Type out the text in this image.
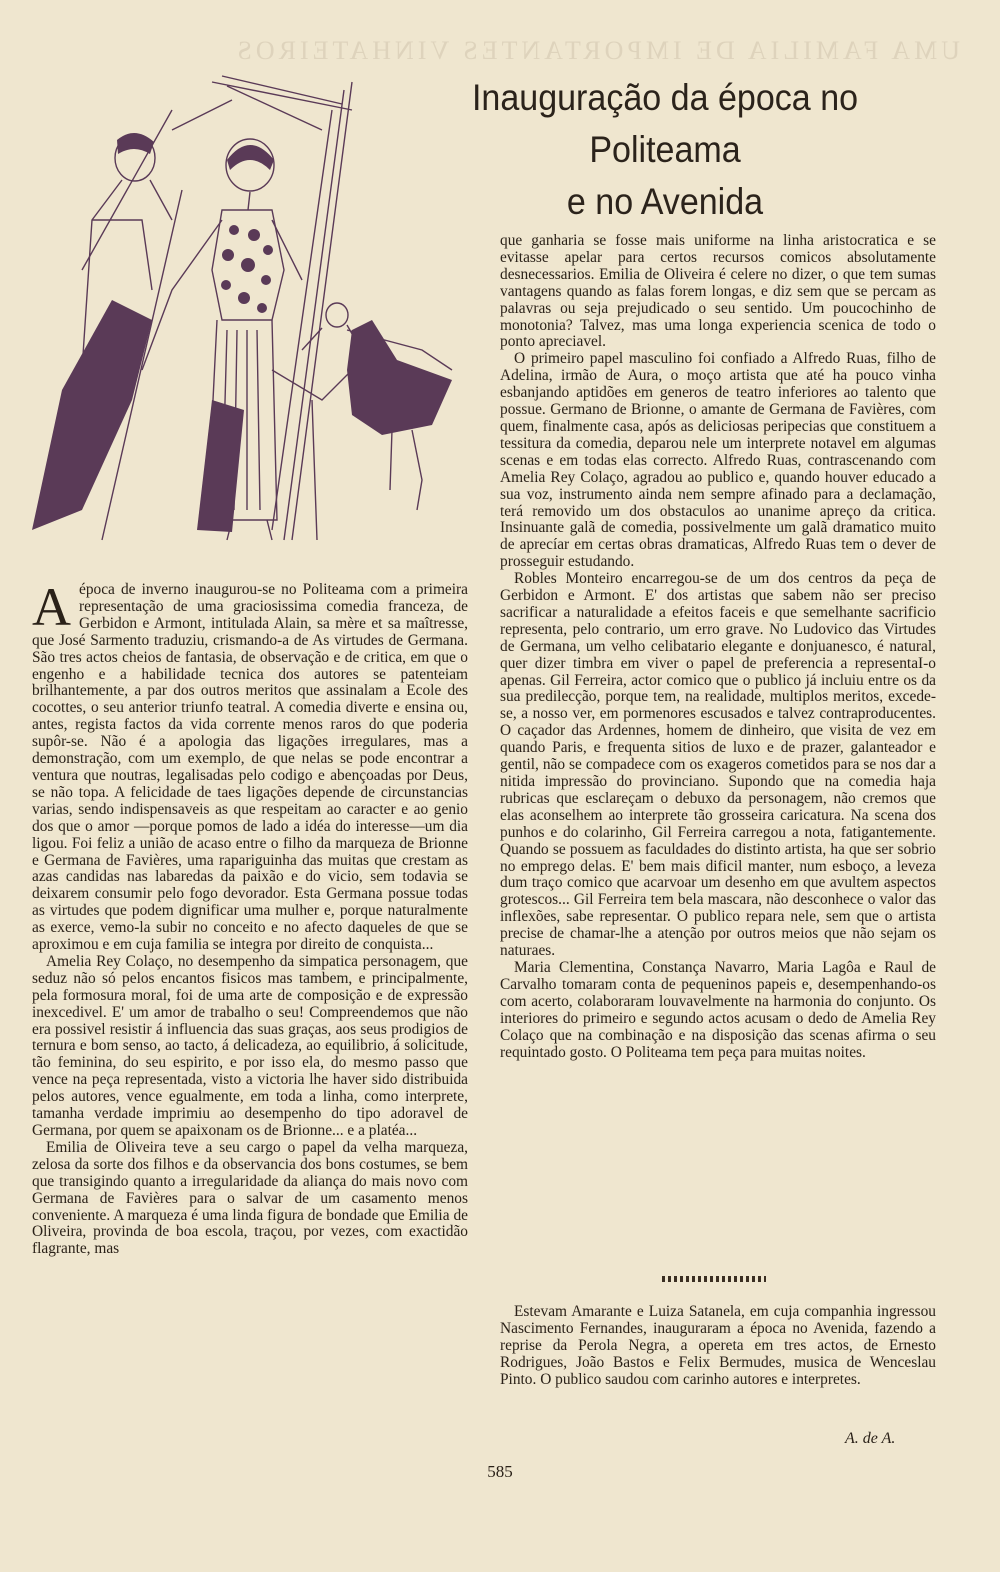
UMA FAMILIA DE IMPORTANTES VINHATEIROS
Inauguração da época no Politeama
e no Avenida

A época de inverno inaugurou-se no Politeama com a primeira representação de uma graciosissima comedia franceza, de Gerbidon e Armont, intitulada Alain, sa mère et sa maîtresse, que José Sarmento traduziu, crismando-a de As virtudes de Germana. São tres actos cheios de fantasia, de observação e de critica, em que o engenho e a habilidade tecnica dos autores se patenteiam brilhantemente, a par dos outros meritos que assinalam a Ecole des cocottes, o seu anterior triunfo teatral. A comedia diverte e ensina ou, antes, regista factos da vida corrente menos raros do que poderia supôr-se. Não é a apologia das ligações irregulares, mas a demonstração, com um exemplo, de que nelas se pode encontrar a ventura que noutras, legalisadas pelo codigo e abençoadas por Deus, se não topa. A felicidade de taes ligações depende de circunstancias varias, sendo indispensaveis as que respeitam ao caracter e ao genio dos que o amor —porque pomos de lado a idéa do interesse—um dia ligou. Foi feliz a união de acaso entre o filho da marqueza de Brionne e Germana de Favières, uma rapariguinha das muitas que crestam as azas candidas nas labaredas da paixão e do vicio, sem todavia se deixarem consumir pelo fogo devorador. Esta Germana possue todas as virtudes que podem dignificar uma mulher e, porque naturalmente as exerce, vemo-la subir no conceito e no afecto daqueles de que se aproximou e em cuja familia se integra por direito de conquista...

Amelia Rey Colaço, no desempenho da simpatica personagem, que seduz não só pelos encantos fisicos mas tambem, e principalmente, pela formosura moral, foi de uma arte de composição e de expressão inexcedivel. E' um amor de trabalho o seu! Compreendemos que não era possivel resistir á influencia das suas graças, aos seus prodigios de ternura e bom senso, ao tacto, á delicadeza, ao equilibrio, á solicitude, tão feminina, do seu espirito, e por isso ela, do mesmo passo que vence na peça representada, visto a victoria lhe haver sido distribuida pelos autores, vence egualmente, em toda a linha, como interprete, tamanha verdade imprimiu ao desempenho do tipo adoravel de Germana, por quem se apaixonam os de Brionne... e a platéa...

Emilia de Oliveira teve a seu cargo o papel da velha marqueza, zelosa da sorte dos filhos e da observancia dos bons costumes, se bem que transigindo quanto a irregularidade da aliança do mais novo com Germana de Favières para o salvar de um casamento menos conveniente. A marqueza é uma linda figura de bondade que Emilia de Oliveira, provinda de boa escola, traçou, por vezes, com exactidão flagrante, mas

que ganharia se fosse mais uniforme na linha aristocratica e se evitasse apelar para certos recursos comicos absolutamente desnecessarios. Emilia de Oliveira é celere no dizer, o que tem sumas vantagens quando as falas forem longas, e diz sem que se percam as palavras ou seja prejudicado o seu sentido. Um poucochinho de monotonia? Talvez, mas uma longa experiencia scenica de todo o ponto apreciavel.

O primeiro papel masculino foi confiado a Alfredo Ruas, filho de Adelina, irmão de Aura, o moço artista que até ha pouco vinha esbanjando aptidões em generos de teatro inferiores ao talento que possue. Germano de Brionne, o amante de Germana de Favières, com quem, finalmente casa, após as deliciosas peripecias que constituem a tessitura da comedia, deparou nele um interprete notavel em algumas scenas e em todas elas correcto. Alfredo Ruas, contrascenando com Amelia Rey Colaço, agradou ao publico e, quando houver educado a sua voz, instrumento ainda nem sempre afinado para a declamação, terá removido um dos obstaculos ao unanime apreço da critica. Insinuante galã de comedia, possivelmente um galã dramatico muito de aprecíar em certas obras dramaticas, Alfredo Ruas tem o dever de prosseguir estudando.

Robles Monteiro encarregou-se de um dos centros da peça de Gerbidon e Armont. E' dos artistas que sabem não ser preciso sacrificar a naturalidade a efeitos faceis e que semelhante sacrificio representa, pelo contrario, um erro grave. No Ludovico das Virtudes de Germana, um velho celibatario elegante e donjuanesco, é natural, quer dizer timbra em viver o papel de preferencia a representaI-o apenas. Gil Ferreira, actor comico que o publico já incluiu entre os da sua predilecção, porque tem, na realidade, multiplos meritos, excede-se, a nosso ver, em pormenores escusados e talvez contraproducentes. O caçador das Ardennes, homem de dinheiro, que visita de vez em quando Paris, e frequenta sitios de luxo e de prazer, galanteador e gentil, não se compadece com os exageros cometidos para se nos dar a nitida impressão do provinciano. Supondo que na comedia haja rubricas que esclareçam o debuxo da personagem, não cremos que elas aconselhem ao interprete tão grosseira caricatura. Na scena dos punhos e do colarinho, Gil Ferreira carregou a nota, fatigantemente. Quando se possuem as faculdades do distinto artista, ha que ser sobrio no emprego delas. E' bem mais dificil manter, num esboço, a leveza dum traço comico que acarvoar um desenho em que avultem aspectos grotescos... Gil Ferreira tem bela mascara, não desconhece o valor das inflexões, sabe representar. O publico repara nele, sem que o artista precise de chamar-lhe a atenção por outros meios que não sejam os naturaes.

Maria Clementina, Constança Navarro, Maria Lagôa e Raul de Carvalho tomaram conta de pequeninos papeis e, desempenhando-os com acerto, colaboraram louvavelmente na harmonia do conjunto. Os interiores do primeiro e segundo actos acusam o dedo de Amelia Rey Colaço que na combinação e na disposição das scenas afirma o seu requintado gosto. O Politeama tem peça para muitas noites.

Estevam Amarante e Luiza Satanela, em cuja companhia ingressou Nascimento Fernandes, inauguraram a época no Avenida, fazendo a reprise da Perola Negra, a opereta em tres actos, de Ernesto Rodrigues, João Bastos e Felix Bermudes, musica de Wenceslau Pinto. O publico saudou com carinho autores e interpretes.

A. de A.
585
